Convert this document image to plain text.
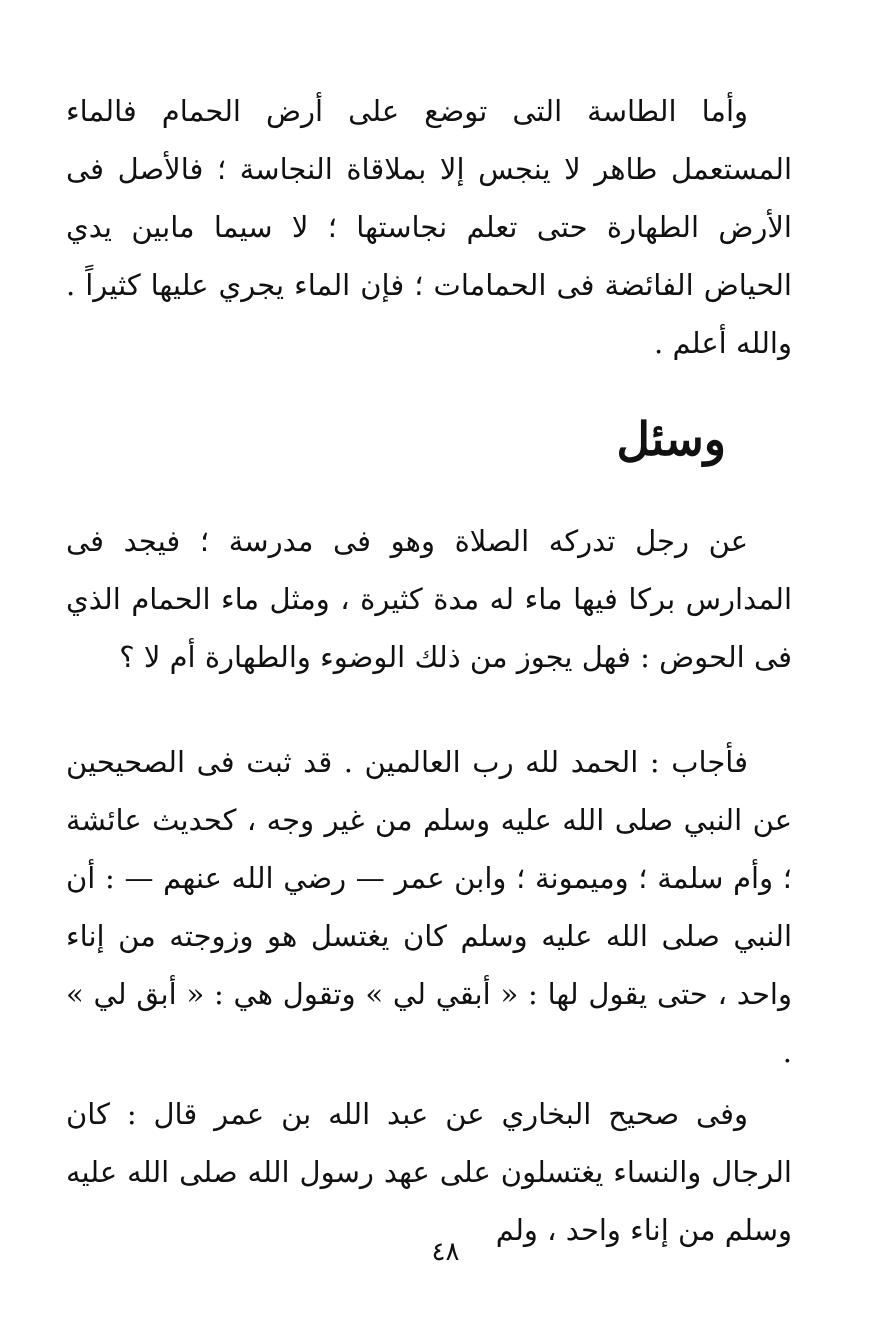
وأما الطاسة التى توضع على أرض الحمام فالماء المستعمل طاهر لا ينجس إلا بملاقاة النجاسة ؛ فالأصل فى الأرض الطهارة حتى تعلم نجاستها ؛ لا سيما مابين يدي الحياض الفائضة فى الحمامات ؛ فإن الماء يجري عليها كثيراً . والله أعلم .

وسئل

عن رجل تدركه الصلاة وهو فى مدرسة ؛ فيجد فى المدارس بركا فيها ماء له مدة كثيرة ، ومثل ماء الحمام الذي فى الحوض : فهل يجوز من ذلك الوضوء والطهارة أم لا ؟

فأجاب : الحمد لله رب العالمين . قد ثبت فى الصحيحين عن النبي صلى الله عليه وسلم من غير وجه ، كحديث عائشة ؛ وأم سلمة ؛ وميمونة ؛ وابن عمر — رضي الله عنهم — : أن النبي صلى الله عليه وسلم كان يغتسل هو وزوجته من إناء واحد ، حتى يقول لها : « أبقي لي » وتقول هي : « أبق لي » .

وفى صحيح البخاري عن عبد الله بن عمر قال : كان الرجال والنساء يغتسلون على عهد رسول الله صلى الله عليه وسلم من إناء واحد ، ولم

٤٨
